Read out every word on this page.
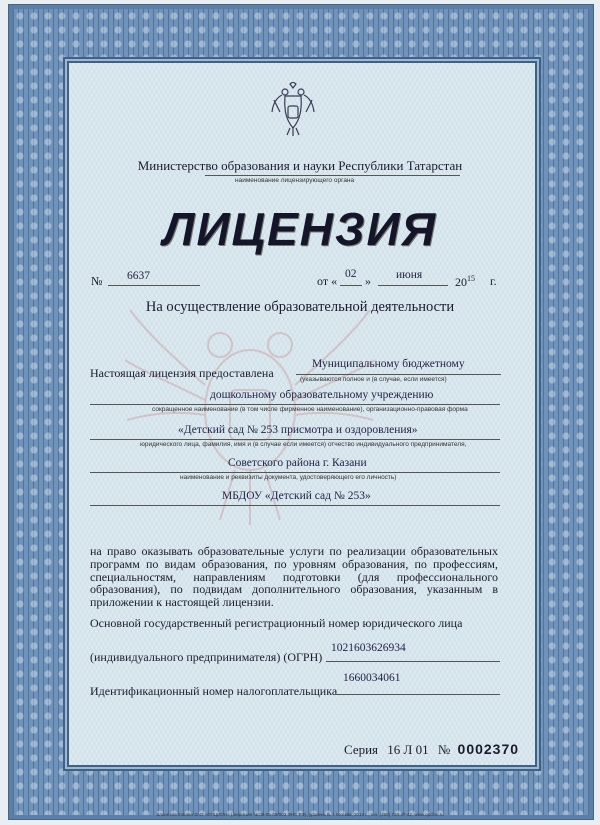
Министерство образования и науки Республики Татарстан
наименование лицензирующего органа
ЛИЦЕНЗИЯ
№ 6637	от « 02 » июня	$20^{15}$ г.
На осуществление образовательной деятельности
Настоящая лицензия предоставлена
Муниципальному бюджетному
(указываются полное и (в случае, если имеется)
дошкольному образовательному учреждению
сокращенное наименование (в том числе фирменное наименование), организационно-правовая форма
«Детский сад № 253 присмотра и оздоровления»
юридического лица, фамилия, имя и (в случае если имеется) отчество индивидуального предпринимателя,
Советского района г. Казани
наименование и реквизиты документа, удостоверяющего его личность)
МБДОУ «Детский сад № 253»
на право оказывать образовательные услуги по реализации образовательных программ по видам образования, по уровням образования, по профессиям, специальностям, направлениям подготовки (для профессионального образования), по подвидам дополнительного образования, указанным в приложении к настоящей лицензии.
Основной государственный регистрационный номер юридического лица
(индивидуального предпринимателя) (ОГРН)
1021603626934
Идентификационный номер налогоплательщика
1660034061
Серия 16 Л 01 № 0002370
Бланк изготовлен ЗАО «ОПЦИОН» (лицензия № 05-05-09/003 ФНС РФ), уровень Б, г. Москва, 2014 г., тел. (495) 726-47-42, www.opcion.ru
